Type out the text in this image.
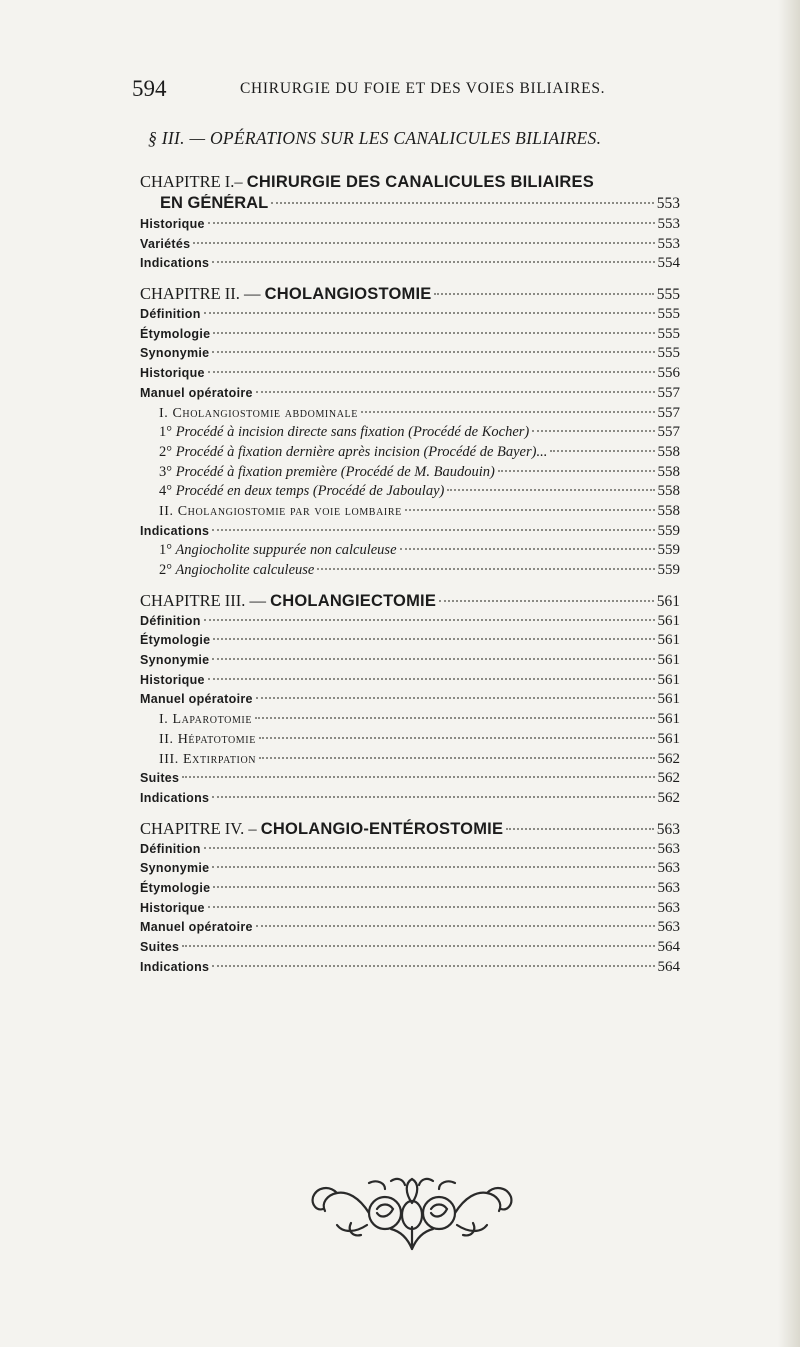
594	CHIRURGIE DU FOIE ET DES VOIES BILIAIRES.
§ III. — OPÉRATIONS SUR LES CANALICULES BILIAIRES.
CHAPITRE I.– CHIRURGIE DES CANALICULES BILIAIRES
EN GÉNÉRAL	553
Historique	553
Variétés	553
Indications	554
CHAPITRE II. — CHOLANGIOSTOMIE	555
Définition	555
Étymologie	555
Synonymie	555
Historique	556
Manuel opératoire	557
I. Cholangiostomie abdominale	557
1° Procédé à incision directe sans fixation (Procédé de Kocher)	557
2° Procédé à fixation dernière après incision (Procédé de Bayer)...	558
3° Procédé à fixation première (Procédé de M. Baudouin)	558
4° Procédé en deux temps (Procédé de Jaboulay)	558
II. Cholangiostomie par voie lombaire	558
Indications	559
1° Angiocholite suppurée non calculeuse	559
2° Angiocholite calculeuse	559
CHAPITRE III. — CHOLANGIECTOMIE	561
Définition	561
Étymologie	561
Synonymie	561
Historique	561
Manuel opératoire	561
I. Laparotomie	561
II. Hépatotomie	561
III. Extirpation	562
Suites	562
Indications	562
CHAPITRE IV. – CHOLANGIO-ENTÉROSTOMIE	563
Définition	563
Synonymie	563
Étymologie	563
Historique	563
Manuel opératoire	563
Suites	564
Indications	564
